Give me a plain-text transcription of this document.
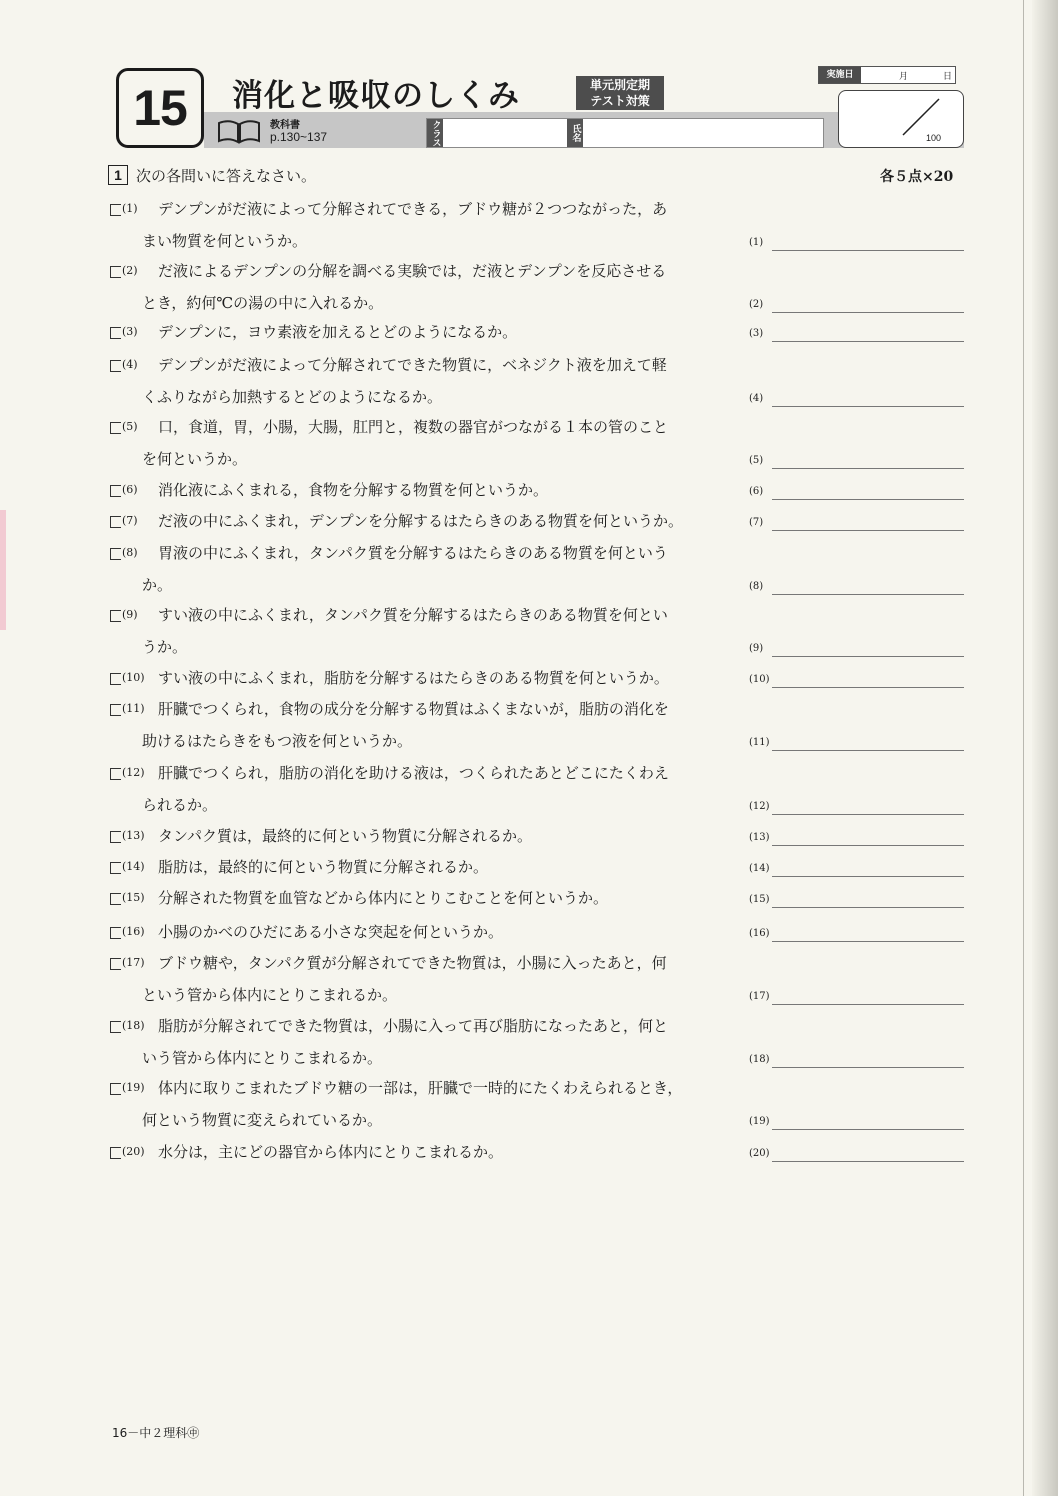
15	消化と吸収のしくみ	単元別定期
テスト対策
教科書
p.130~137	クラス	氏名
実施日	月	日
100
1 次の各問いに答えなさい。	各５点×20
(1) デンプンがだ液によって分解されてできる，ブドウ糖が２つつながった，あ
まい物質を何というか。	(1)
(2) だ液によるデンプンの分解を調べる実験では，だ液とデンプンを反応させる
とき，約何℃の湯の中に入れるか。	(2)
(3) デンプンに，ヨウ素液を加えるとどのようになるか。	(3)
(4) デンプンがだ液によって分解されてできた物質に，ベネジクト液を加えて軽
くふりながら加熱するとどのようになるか。	(4)
(5) 口，食道，胃，小腸，大腸，肛門と，複数の器官がつながる１本の管のこと
を何というか。	(5)
(6) 消化液にふくまれる，食物を分解する物質を何というか。	(6)
(7) だ液の中にふくまれ，デンプンを分解するはたらきのある物質を何というか。	(7)
(8) 胃液の中にふくまれ，タンパク質を分解するはたらきのある物質を何という
か。	(8)
(9) すい液の中にふくまれ，タンパク質を分解するはたらきのある物質を何とい
うか。	(9)
(10) すい液の中にふくまれ，脂肪を分解するはたらきのある物質を何というか。	(10)
(11) 肝臓でつくられ，食物の成分を分解する物質はふくまないが，脂肪の消化を
助けるはたらきをもつ液を何というか。	(11)
(12) 肝臓でつくられ，脂肪の消化を助ける液は，つくられたあとどこにたくわえ
られるか。	(12)
(13) タンパク質は，最終的に何という物質に分解されるか。	(13)
(14) 脂肪は，最終的に何という物質に分解されるか。	(14)
(15) 分解された物質を血管などから体内にとりこむことを何というか。	(15)
(16) 小腸のかべのひだにある小さな突起を何というか。	(16)
(17) ブドウ糖や，タンパク質が分解されてできた物質は，小腸に入ったあと，何
という管から体内にとりこまれるか。	(17)
(18) 脂肪が分解されてできた物質は，小腸に入って再び脂肪になったあと，何と
いう管から体内にとりこまれるか。	(18)
(19) 体内に取りこまれたブドウ糖の一部は，肝臓で一時的にたくわえられるとき，
何という物質に変えられているか。	(19)
(20) 水分は，主にどの器官から体内にとりこまれるか。	(20)
16－中２理科㊥
